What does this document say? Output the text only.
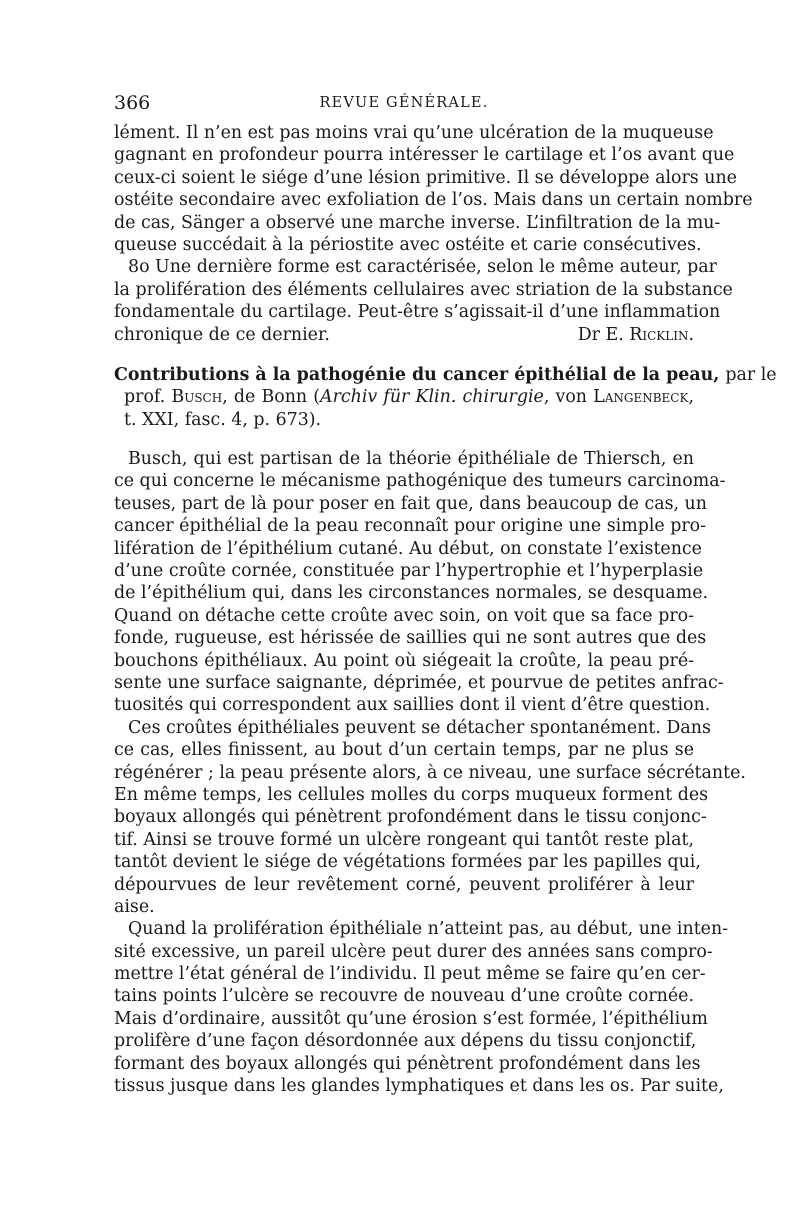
366	REVUE GÉNÉRALE.
lément. Il n’en est pas moins vrai qu’une ulcération de la muqueuse
gagnant en profondeur pourra intéresser le cartilage et l’os avant que
ceux-ci soient le siége d’une lésion primitive. Il se développe alors une
ostéite secondaire avec exfoliation de l’os. Mais dans un certain nombre
de cas, Sänger a observé une marche inverse. L’infiltration de la mu-
queuse succédait à la périostite avec ostéite et carie consécutives.
8o Une dernière forme est caractérisée, selon le même auteur, par
la prolifération des éléments cellulaires avec striation de la substance
fondamentale du cartilage. Peut-être s’agissait-il d’une inflammation
chronique de ce dernier.	Dr E. Ricklin.
Contributions à la pathogénie du cancer épithélial de la peau, par le
prof. Busch, de Bonn (Archiv für Klin. chirurgie, von Langenbeck,
t. XXI, fasc. 4, p. 673).
Busch, qui est partisan de la théorie épithéliale de Thiersch, en
ce qui concerne le mécanisme pathogénique des tumeurs carcinoma-
teuses, part de là pour poser en fait que, dans beaucoup de cas, un
cancer épithélial de la peau reconnaît pour origine une simple pro-
lifération de l’épithélium cutané. Au début, on constate l’existence
d’une croûte cornée, constituée par l’hypertrophie et l’hyperplasie
de l’épithélium qui, dans les circonstances normales, se desquame.
Quand on détache cette croûte avec soin, on voit que sa face pro-
fonde, rugueuse, est hérissée de saillies qui ne sont autres que des
bouchons épithéliaux. Au point où siégeait la croûte, la peau pré-
sente une surface saignante, déprimée, et pourvue de petites anfrac-
tuosités qui correspondent aux saillies dont il vient d’être question.
Ces croûtes épithéliales peuvent se détacher spontanément. Dans
ce cas, elles finissent, au bout d’un certain temps, par ne plus se
régénérer ; la peau présente alors, à ce niveau, une surface sécrétante.
En même temps, les cellules molles du corps muqueux forment des
boyaux allongés qui pénètrent profondément dans le tissu conjonc-
tif. Ainsi se trouve formé un ulcère rongeant qui tantôt reste plat,
tantôt devient le siége de végétations formées par les papilles qui,
dépourvues de leur revêtement corné, peuvent proliférer à leur
aise.
Quand la prolifération épithéliale n’atteint pas, au début, une inten-
sité excessive, un pareil ulcère peut durer des années sans compro-
mettre l’état général de l’individu. Il peut même se faire qu’en cer-
tains points l’ulcère se recouvre de nouveau d’une croûte cornée.
Mais d’ordinaire, aussitôt qu’une érosion s’est formée, l’épithélium
prolifère d’une façon désordonnée aux dépens du tissu conjonctif,
formant des boyaux allongés qui pénètrent profondément dans les
tissus jusque dans les glandes lymphatiques et dans les os. Par suite,
